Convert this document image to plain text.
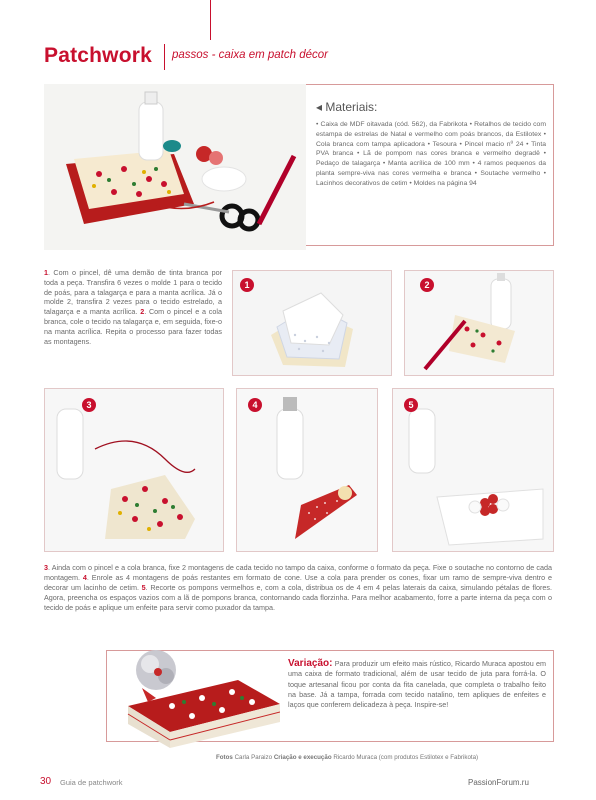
Patchwork passos - caixa em patch décor
◂ Materiais:
• Caixa de MDF oitavada (cód. 562), da Fabrikota • Retalhos de tecido com estampa de estrelas de Natal e vermelho com poás brancos, da Estilotex • Cola branca com tampa aplicadora • Tesoura • Pincel macio nº 24 • Tinta PVA branca • Lã de pompom nas cores branca e vermelho degradê • Pedaço de talagarça • Manta acrílica de 100 mm • 4 ramos pequenos da planta sempre-viva nas cores vermelha e branca • Soutache vermelho • Lacinhos decorativos de cetim • Moldes na página 94
1. Com o pincel, dê uma demão de tinta branca por toda a peça. Transfira 6 vezes o molde 1 para o tecido de poás, para a talagarça e para a manta acrílica. Já o molde 2, transfira 2 vezes para o tecido estrelado, a talagarça e a manta acrílica. 2. Com o pincel e a cola branca, cole o tecido na talagarça e, em seguida, fixe-o na manta acrílica. Repita o processo para fazer todas as montagens.
1	2
3	4	5
3. Ainda com o pincel e a cola branca, fixe 2 montagens de cada tecido no tampo da caixa, conforme o formato da peça. Fixe o soutache no contorno de cada montagem. 4. Enrole as 4 montagens de poás restantes em formato de cone. Use a cola para prender os cones, fixar um ramo de sempre-viva dentro e decorar um lacinho de cetim. 5. Recorte os pompons vermelhos e, com a cola, distribua os de 4 em 4 pelas laterais da caixa, simulando pétalas de flores. Agora, preencha os espaços vazios com a lã de pompons branca, contornando cada florzinha. Para melhor acabamento, forre a parte interna da peça com o tecido de poás e aplique um enfeite para servir como puxador da tampa.
Variação: Para produzir um efeito mais rústico, Ricardo Muraca apostou em uma caixa de formato tradicional, além de usar tecido de juta para forrá-la. O toque artesanal ficou por conta da fita canelada, que completa o trabalho feito na base. Já a tampa, forrada com tecido natalino, tem apliques de enfeites e laços que conferem delicadeza à peça. Inspire-se!
Fotos Carla Paraizo Criação e execução Ricardo Muraca (com produtos Estilotex e Fabrikota)
30 Guia de patchwork	PassionForum.ru
